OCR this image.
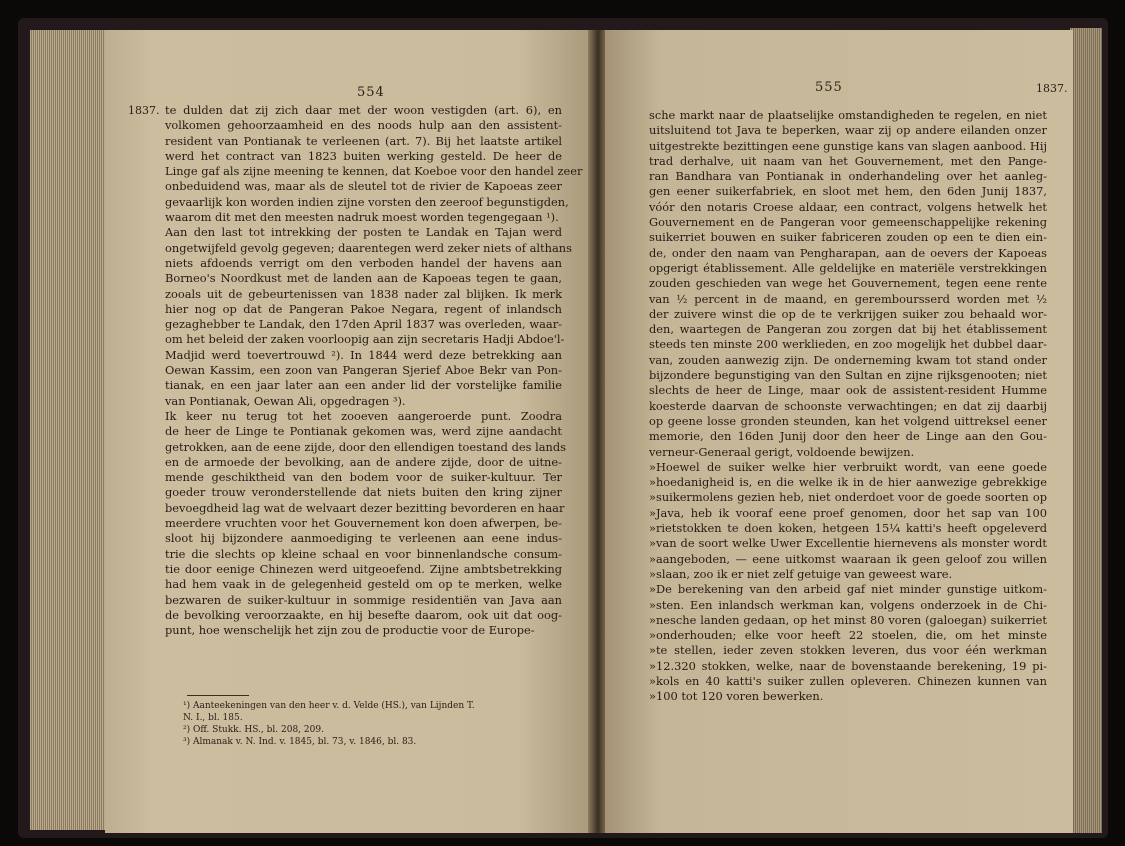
554
te dulden dat zij zich daar met der woon vestigden (art. 6), en
volkomen gehoorzaamheid en des noods hulp aan den assistent-
resident van Pontianak te verleenen (art. 7). Bij het laatste artikel
werd het contract van 1823 buiten werking gesteld. De heer de
Linge gaf als zijne meening te kennen, dat Koeboe voor den handel zeer
onbeduidend was, maar als de sleutel tot de rivier de Kapoeas zeer
gevaarlijk kon worden indien zijne vorsten den zeeroof begunstigden,
waarom dit met den meesten nadruk moest worden tegengegaan ¹).
Aan den last tot intrekking der posten te Landak en Tajan werd
ongetwijfeld gevolg gegeven; daarentegen werd zeker niets of althans
niets afdoends verrigt om den verboden handel der havens aan
Borneo's Noordkust met de landen aan de Kapoeas tegen te gaan,
zooals uit de gebeurtenissen van 1838 nader zal blijken. Ik merk
hier nog op dat de Pangeran Pakoe Negara, regent of inlandsch
gezaghebber te Landak, den 17den April 1837 was overleden, waar-
om het beleid der zaken voorloopig aan zijn secretaris Hadji Abdoe'l-
Madjid werd toevertrouwd ²). In 1844 werd deze betrekking aan
Oewan Kassim, een zoon van Pangeran Sjerief Aboe Bekr van Pon-
tianak, en een jaar later aan een ander lid der vorstelijke familie
van Pontianak, Oewan Ali, opgedragen ³).
Ik keer nu terug tot het zooeven aangeroerde punt. Zoodra
de heer de Linge te Pontianak gekomen was, werd zijne aandacht
getrokken, aan de eene zijde, door den ellendigen toestand des lands
en de armoede der bevolking, aan de andere zijde, door de uitne-
mende geschiktheid van den bodem voor de suiker-kultuur. Ter
goeder trouw veronderstellende dat niets buiten den kring zijner
bevoegdheid lag wat de welvaart dezer bezitting bevorderen en haar
meerdere vruchten voor het Gouvernement kon doen afwerpen, be-
sloot hij bijzondere aanmoediging te verleenen aan eene indus-
trie die slechts op kleine schaal en voor binnenlandsche consum-
tie door eenige Chinezen werd uitgeoefend. Zijne ambtsbetrekking
had hem vaak in de gelegenheid gesteld om op te merken, welke
bezwaren de suiker-kultuur in sommige residentiën van Java aan
de bevolking veroorzaakte, en hij besefte daarom, ook uit dat oog-
punt, hoe wenschelijk het zijn zou de productie voor de Europe-
¹) Aanteekeningen van den heer v. d. Velde (HS.), van Lijnden T.
N. I., bl. 185.
²) Off. Stukk. HS., bl. 208, 209.
³) Almanak v. N. Ind. v. 1845, bl. 73, v. 1846, bl. 83.
1837.
555
sche markt naar de plaatselijke omstandigheden te regelen, en niet
uitsluitend tot Java te beperken, waar zij op andere eilanden onzer
uitgestrekte bezittingen eene gunstige kans van slagen aanbood. Hij
trad derhalve, uit naam van het Gouvernement, met den Pange-
ran Bandhara van Pontianak in onderhandeling over het aanleg-
gen eener suikerfabriek, en sloot met hem, den 6den Junij 1837,
vóór den notaris Croese aldaar, een contract, volgens hetwelk het
Gouvernement en de Pangeran voor gemeenschappelijke rekening
suikerriet bouwen en suiker fabriceren zouden op een te dien ein-
de, onder den naam van Pengharapan, aan de oevers der Kapoeas
opgerigt établissement. Alle geldelijke en materiële verstrekkingen
zouden geschieden van wege het Gouvernement, tegen eene rente
van ½ percent in de maand, en geremboursserd worden met ½
der zuivere winst die op de te verkrijgen suiker zou behaald wor-
den, waartegen de Pangeran zou zorgen dat bij het établissement
steeds ten minste 200 werklieden, en zoo mogelijk het dubbel daar-
van, zouden aanwezig zijn. De onderneming kwam tot stand onder
bijzondere begunstiging van den Sultan en zijne rijksgenooten; niet
slechts de heer de Linge, maar ook de assistent-resident Humme
koesterde daarvan de schoonste verwachtingen; en dat zij daarbij
op geene losse gronden steunden, kan het volgend uittreksel eener
memorie, den 16den Junij door den heer de Linge aan den Gou-
verneur-Generaal gerigt, voldoende bewijzen.
»Hoewel de suiker welke hier verbruikt wordt, van eene goede
»hoedanigheid is, en die welke ik in de hier aanwezige gebrekkige
»suikermolens gezien heb, niet onderdoet voor de goede soorten op
»Java, heb ik vooraf eene proef genomen, door het sap van 100
»rietstokken te doen koken, hetgeen 15¼ katti's heeft opgeleverd
»van de soort welke Uwer Excellentie hiernevens als monster wordt
»aangeboden, — eene uitkomst waaraan ik geen geloof zou willen
»slaan, zoo ik er niet zelf getuige van geweest ware.
»De berekening van den arbeid gaf niet minder gunstige uitkom-
»sten. Een inlandsch werkman kan, volgens onderzoek in de Chi-
»nesche landen gedaan, op het minst 80 voren (galoegan) suikerriet
»onderhouden; elke voor heeft 22 stoelen, die, om het minste
»te stellen, ieder zeven stokken leveren, dus voor één werkman
»12.320 stokken, welke, naar de bovenstaande berekening, 19 pi-
»kols en 40 katti's suiker zullen opleveren. Chinezen kunnen van
»100 tot 120 voren bewerken.
1837.
